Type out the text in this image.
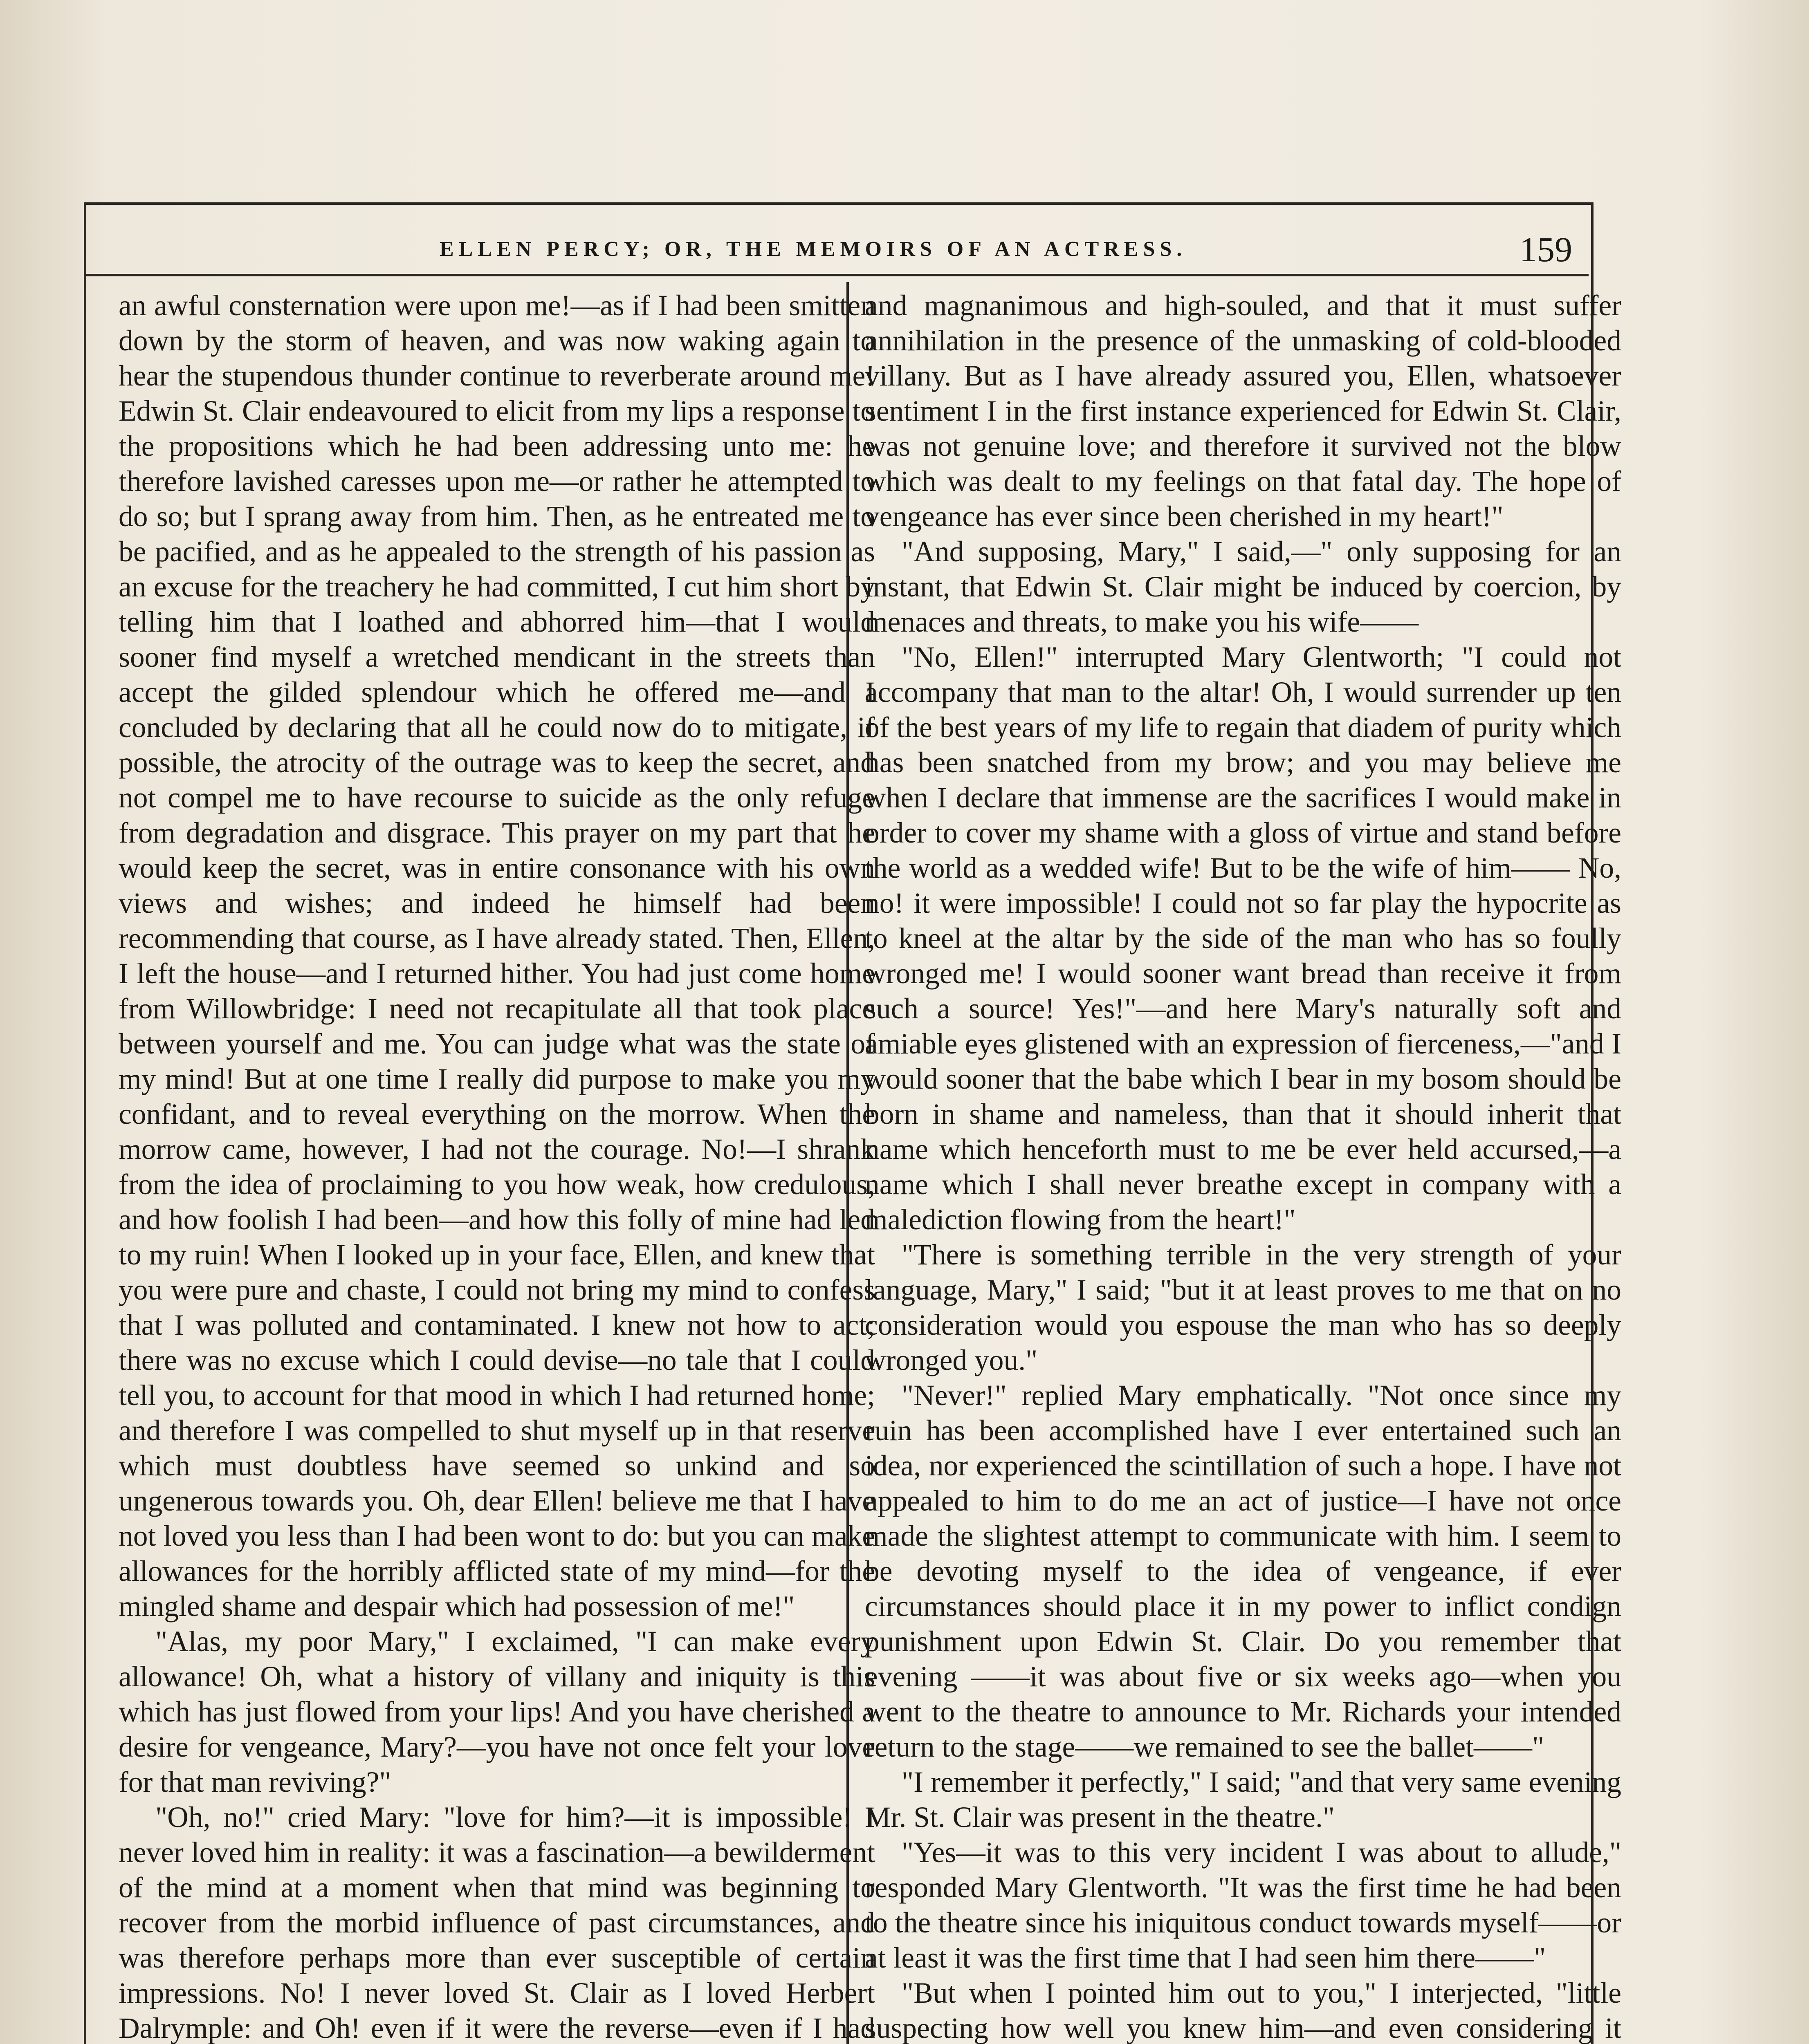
ELLEN PERCY; OR, THE MEMOIRS OF AN ACTRESS.	159

an awful consternation were upon me!—as if I had been smitten down by the storm of heaven, and was now waking again to hear the stupendous thunder continue to reverberate around me! Edwin St. Clair endeavoured to elicit from my lips a response to the propositions which he had been addressing unto me: he therefore lavished caresses upon me—or rather he attempted to do so; but I sprang away from him. Then, as he entreated me to be pacified, and as he appealed to the strength of his passion as an excuse for the treachery he had committed, I cut him short by telling him that I loathed and abhorred him—that I would sooner find myself a wretched mendicant in the streets than accept the gilded splendour which he offered me—and I concluded by declaring that all he could now do to mitigate, if possible, the atrocity of the outrage was to keep the secret, and not compel me to have recourse to suicide as the only refuge from degradation and disgrace. This prayer on my part that he would keep the secret, was in entire consonance with his own views and wishes; and indeed he himself had been recommending that course, as I have already stated. Then, Ellen, I left the house—and I returned hither. You had just come home from Willowbridge: I need not recapitulate all that took place between yourself and me. You can judge what was the state of my mind! But at one time I really did purpose to make you my confidant, and to reveal everything on the morrow. When the morrow came, however, I had not the courage. No!—I shrank from the idea of proclaiming to you how weak, how credulous, and how foolish I had been—and how this folly of mine had led to my ruin! When I looked up in your face, Ellen, and knew that you were pure and chaste, I could not bring my mind to confess that I was polluted and contaminated. I knew not how to act; there was no excuse which I could devise—no tale that I could tell you, to account for that mood in which I had returned home; and therefore I was compelled to shut myself up in that reserve which must doubtless have seemed so unkind and so ungenerous towards you. Oh, dear Ellen! believe me that I have not loved you less than I had been wont to do: but you can make allowances for the horribly afflicted state of my mind—for the mingled shame and despair which had possession of me!"

"Alas, my poor Mary," I exclaimed, "I can make every allowance! Oh, what a history of villany and iniquity is this which has just flowed from your lips! And you have cherished a desire for vengeance, Mary?—you have not once felt your love for that man reviving?"

"Oh, no!" cried Mary: "love for him?—it is impossible! I never loved him in reality: it was a fascination—a bewilderment of the mind at a moment when that mind was beginning to recover from the morbid influence of past circumstances, and was therefore perhaps more than ever susceptible of certain impressions. No! I never loved St. Clair as I loved Herbert Dalrymple: and Oh! even if it were the reverse—even if I had

and magnanimous and high-souled, and that it must suffer annihilation in the presence of the unmasking of cold-blooded villany. But as I have already assured you, Ellen, whatsoever sentiment I in the first instance experienced for Edwin St. Clair, was not genuine love; and therefore it survived not the blow which was dealt to my feelings on that fatal day. The hope of vengeance has ever since been cherished in my heart!"

"And supposing, Mary," I said,—" only supposing for an instant, that Edwin St. Clair might be induced by coercion, by menaces and threats, to make you his wife——

"No, Ellen!" interrupted Mary Glentworth; "I could not accompany that man to the altar! Oh, I would surrender up ten of the best years of my life to regain that diadem of purity which has been snatched from my brow; and you may believe me when I declare that immense are the sacrifices I would make in order to cover my shame with a gloss of virtue and stand before the world as a wedded wife! But to be the wife of him—— No, no! it were impossible! I could not so far play the hypocrite as to kneel at the altar by the side of the man who has so foully wronged me! I would sooner want bread than receive it from such a source! Yes!"—and here Mary's naturally soft and amiable eyes glistened with an expression of fierceness,—"and I would sooner that the babe which I bear in my bosom should be born in shame and nameless, than that it should inherit that name which henceforth must to me be ever held accursed,—a name which I shall never breathe except in company with a malediction flowing from the heart!"

"There is something terrible in the very strength of your language, Mary," I said; "but it at least proves to me that on no consideration would you espouse the man who has so deeply wronged you."

"Never!" replied Mary emphatically. "Not once since my ruin has been accomplished have I ever entertained such an idea, nor experienced the scintillation of such a hope. I have not appealed to him to do me an act of justice—I have not once made the slightest attempt to communicate with him. I seem to be devoting myself to the idea of vengeance, if ever circumstances should place it in my power to inflict condign punishment upon Edwin St. Clair. Do you remember that evening ——it was about five or six weeks ago—when you went to the theatre to announce to Mr. Richards your intended return to the stage——we remained to see the ballet——"

"I remember it perfectly," I said; "and that very same evening Mr. St. Clair was present in the theatre."

"Yes—it was to this very incident I was about to allude," responded Mary Glentworth. "It was the first time he had been to the theatre since his iniquitous conduct towards myself——or at least it was the first time that I had seen him there——"

"But when I pointed him out to you," I interjected, "little suspecting how well you knew him—and even considering it
